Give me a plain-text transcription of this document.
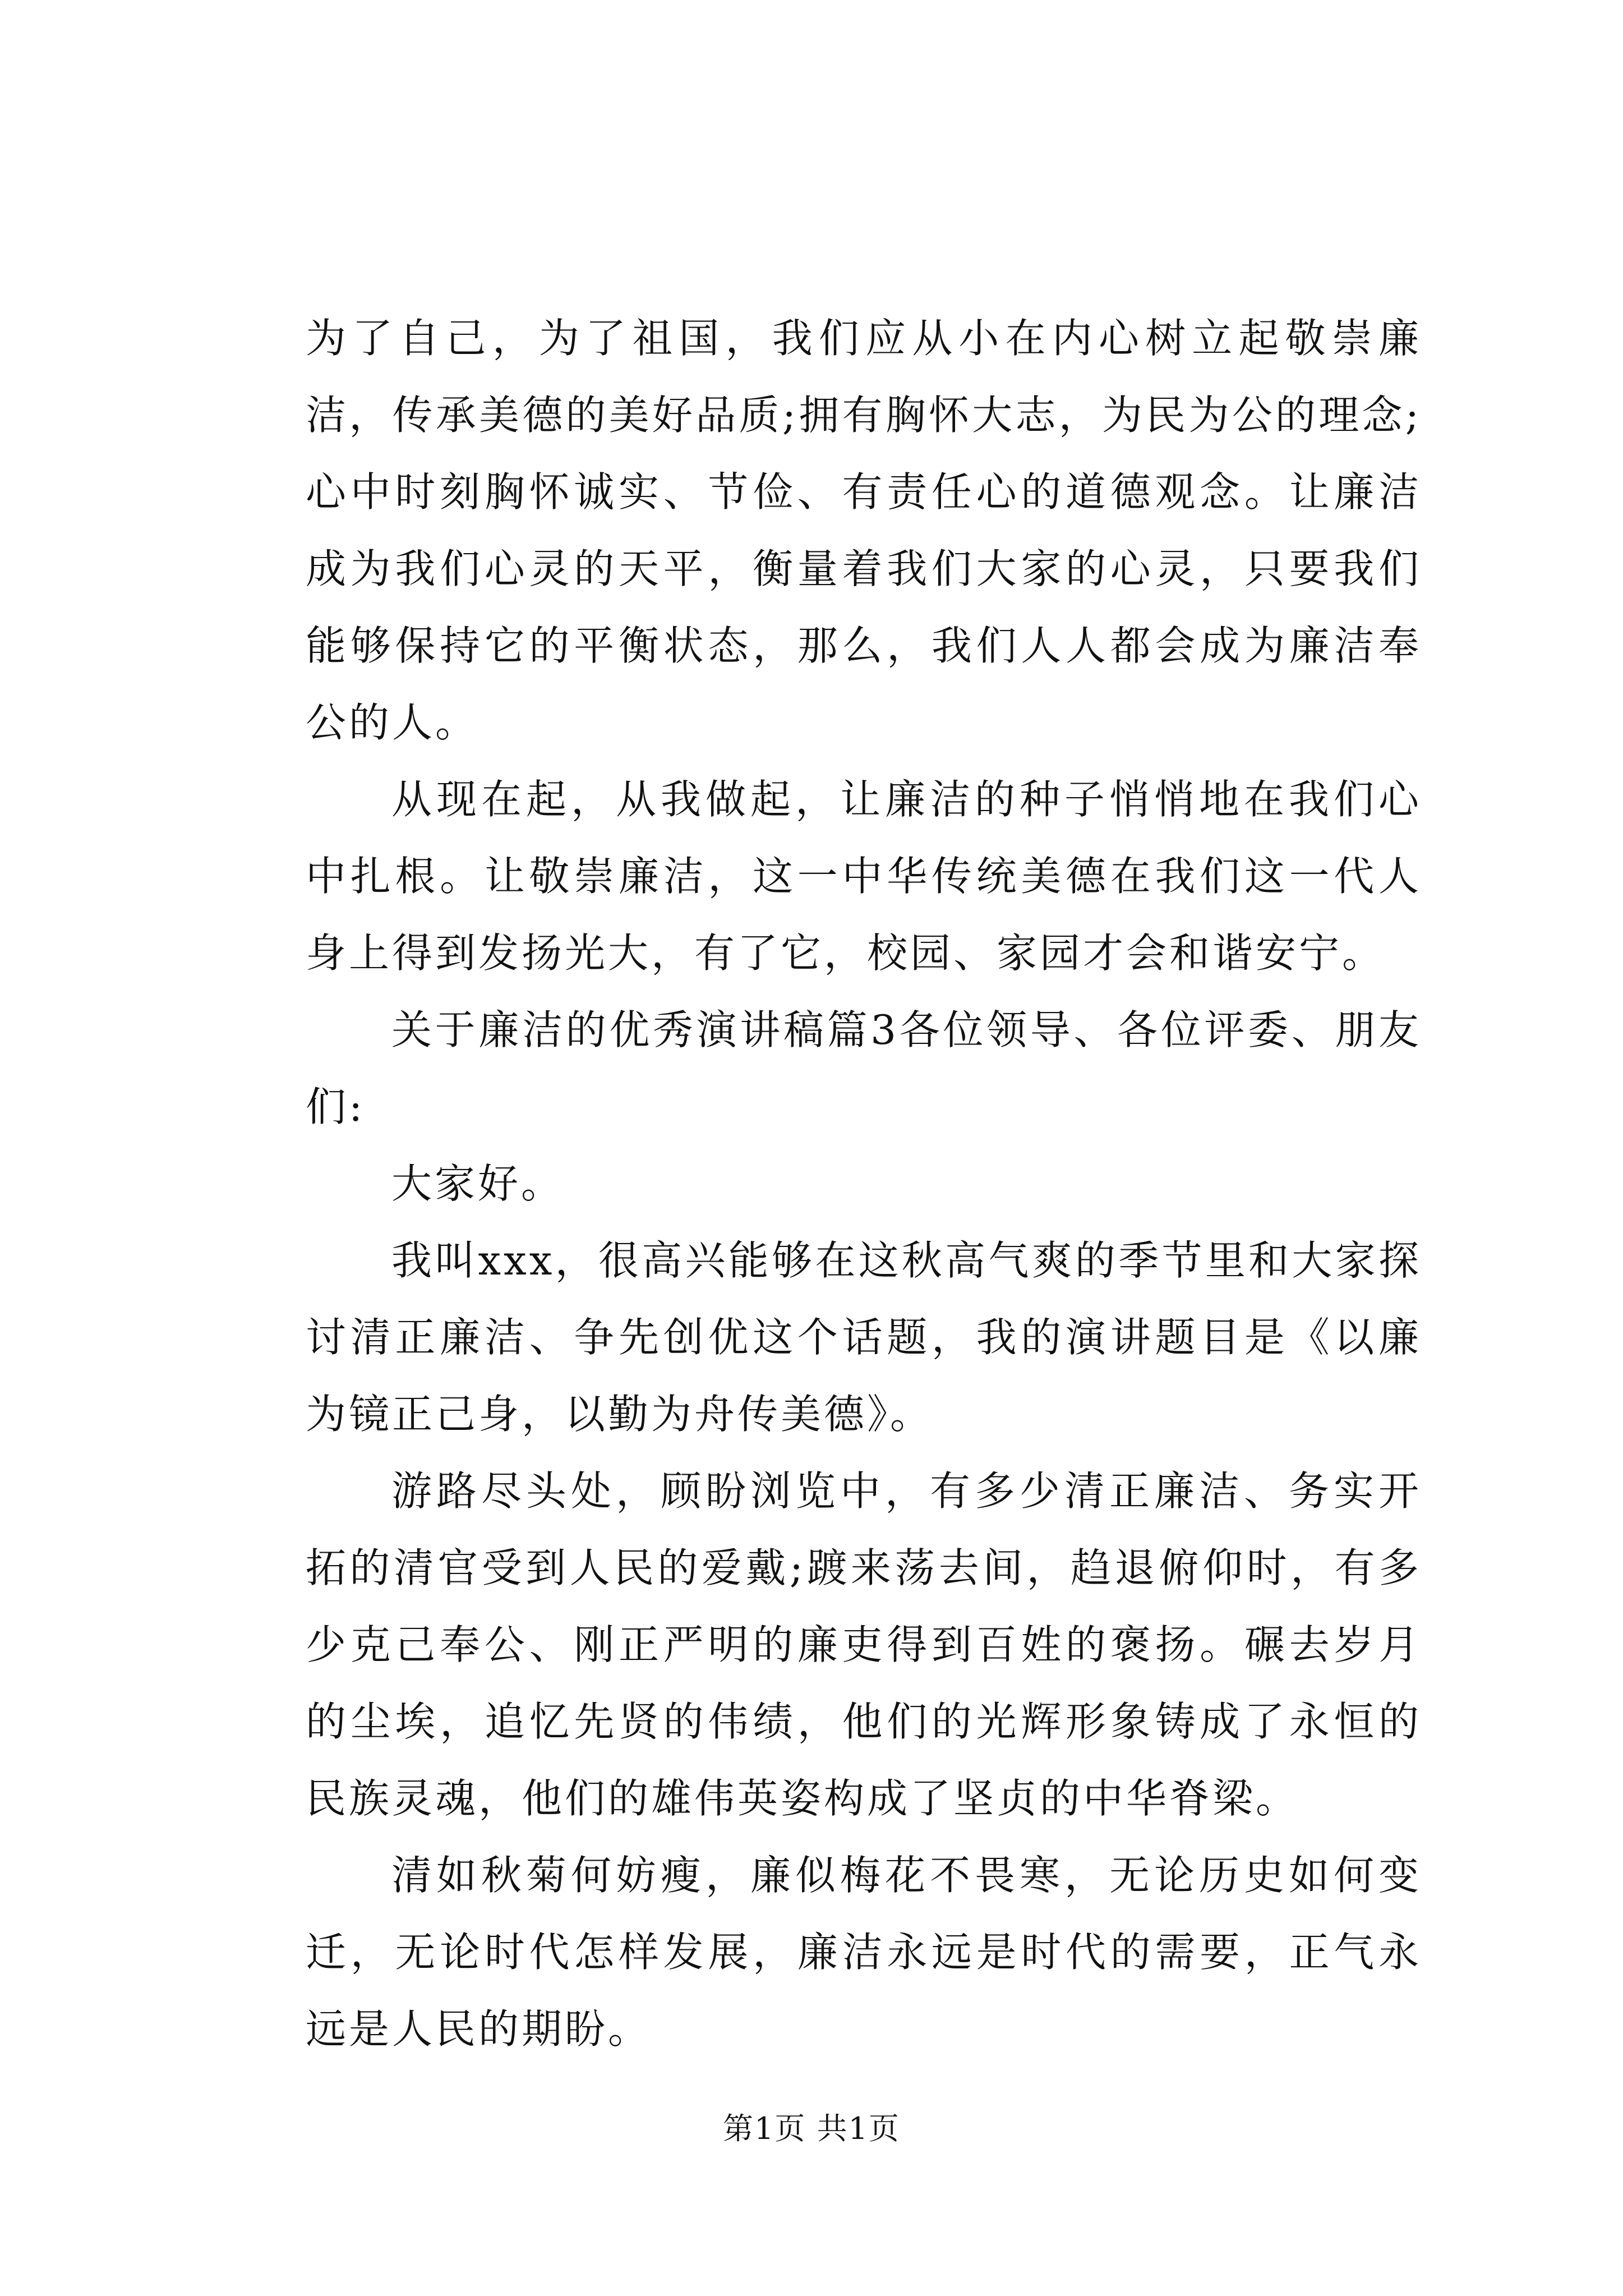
为了自己，为了祖国，我们应从小在内心树立起敬崇廉洁，传承美德的美好品质;拥有胸怀大志，为民为公的理念;心中时刻胸怀诚实、节俭、有责任心的道德观念。让廉洁成为我们心灵的天平，衡量着我们大家的心灵，只要我们能够保持它的平衡状态，那么，我们人人都会成为廉洁奉公的人。

从现在起，从我做起，让廉洁的种子悄悄地在我们心中扎根。让敬崇廉洁，这一中华传统美德在我们这一代人身上得到发扬光大，有了它，校园、家园才会和谐安宁。

关于廉洁的优秀演讲稿篇3各位领导、各位评委、朋友们:

大家好。

我叫xxx，很高兴能够在这秋高气爽的季节里和大家探讨清正廉洁、争先创优这个话题，我的演讲题目是《以廉为镜正己身，以勤为舟传美德》。

游路尽头处，顾盼浏览中，有多少清正廉洁、务实开拓的清官受到人民的爱戴;踱来荡去间，趋退俯仰时，有多少克己奉公、刚正严明的廉吏得到百姓的褒扬。碾去岁月的尘埃，追忆先贤的伟绩，他们的光辉形象铸成了永恒的民族灵魂，他们的雄伟英姿构成了坚贞的中华脊梁。

清如秋菊何妨瘦，廉似梅花不畏寒，无论历史如何变迁，无论时代怎样发展，廉洁永远是时代的需要，正气永远是人民的期盼。

第1页 共1页
